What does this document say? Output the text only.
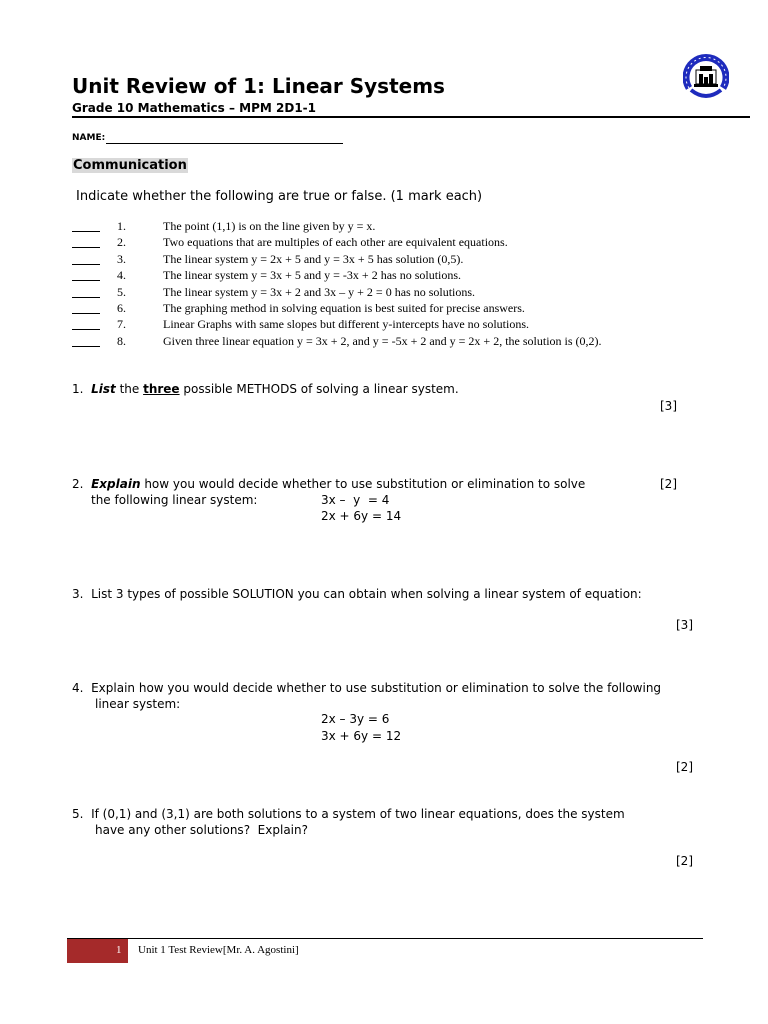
Unit Review of 1: Linear Systems
Grade 10 Mathematics – MPM 2D1-1
NAME:
Communication
Indicate whether the following are true or false. (1 mark each)
1.	The point (1,1) is on the line given by y = x.
2.	Two equations that are multiples of each other are equivalent equations.
3.	The linear system y = 2x + 5 and y = 3x + 5 has solution (0,5).
4.	The linear system y = 3x + 5 and y = -3x + 2 has no solutions.
5.	The linear system y = 3x + 2 and 3x – y + 2 = 0 has no solutions.
6.	The graphing method in solving equation is best suited for precise answers.
7.	Linear Graphs with same slopes but different y-intercepts have no solutions.
8.	Given three linear equation y = 3x + 2, and y = -5x + 2 and y = 2x + 2, the solution is (0,2).
1. List the three possible METHODS of solving a linear system.
[3]
2. Explain how you would decide whether to use substitution or elimination to solve
the following linear system:	3x –  y  = 4
2x + 6y = 14
[2]
3. List 3 types of possible SOLUTION you can obtain when solving a linear system of equation:
[3]
4. Explain how you would decide whether to use substitution or elimination to solve the following
linear system:
2x – 3y = 6
3x + 6y = 12
[2]
5. If (0,1) and (3,1) are both solutions to a system of two linear equations, does the system
have any other solutions?  Explain?
[2]
1 Unit 1 Test Review[Mr. A. Agostini]
